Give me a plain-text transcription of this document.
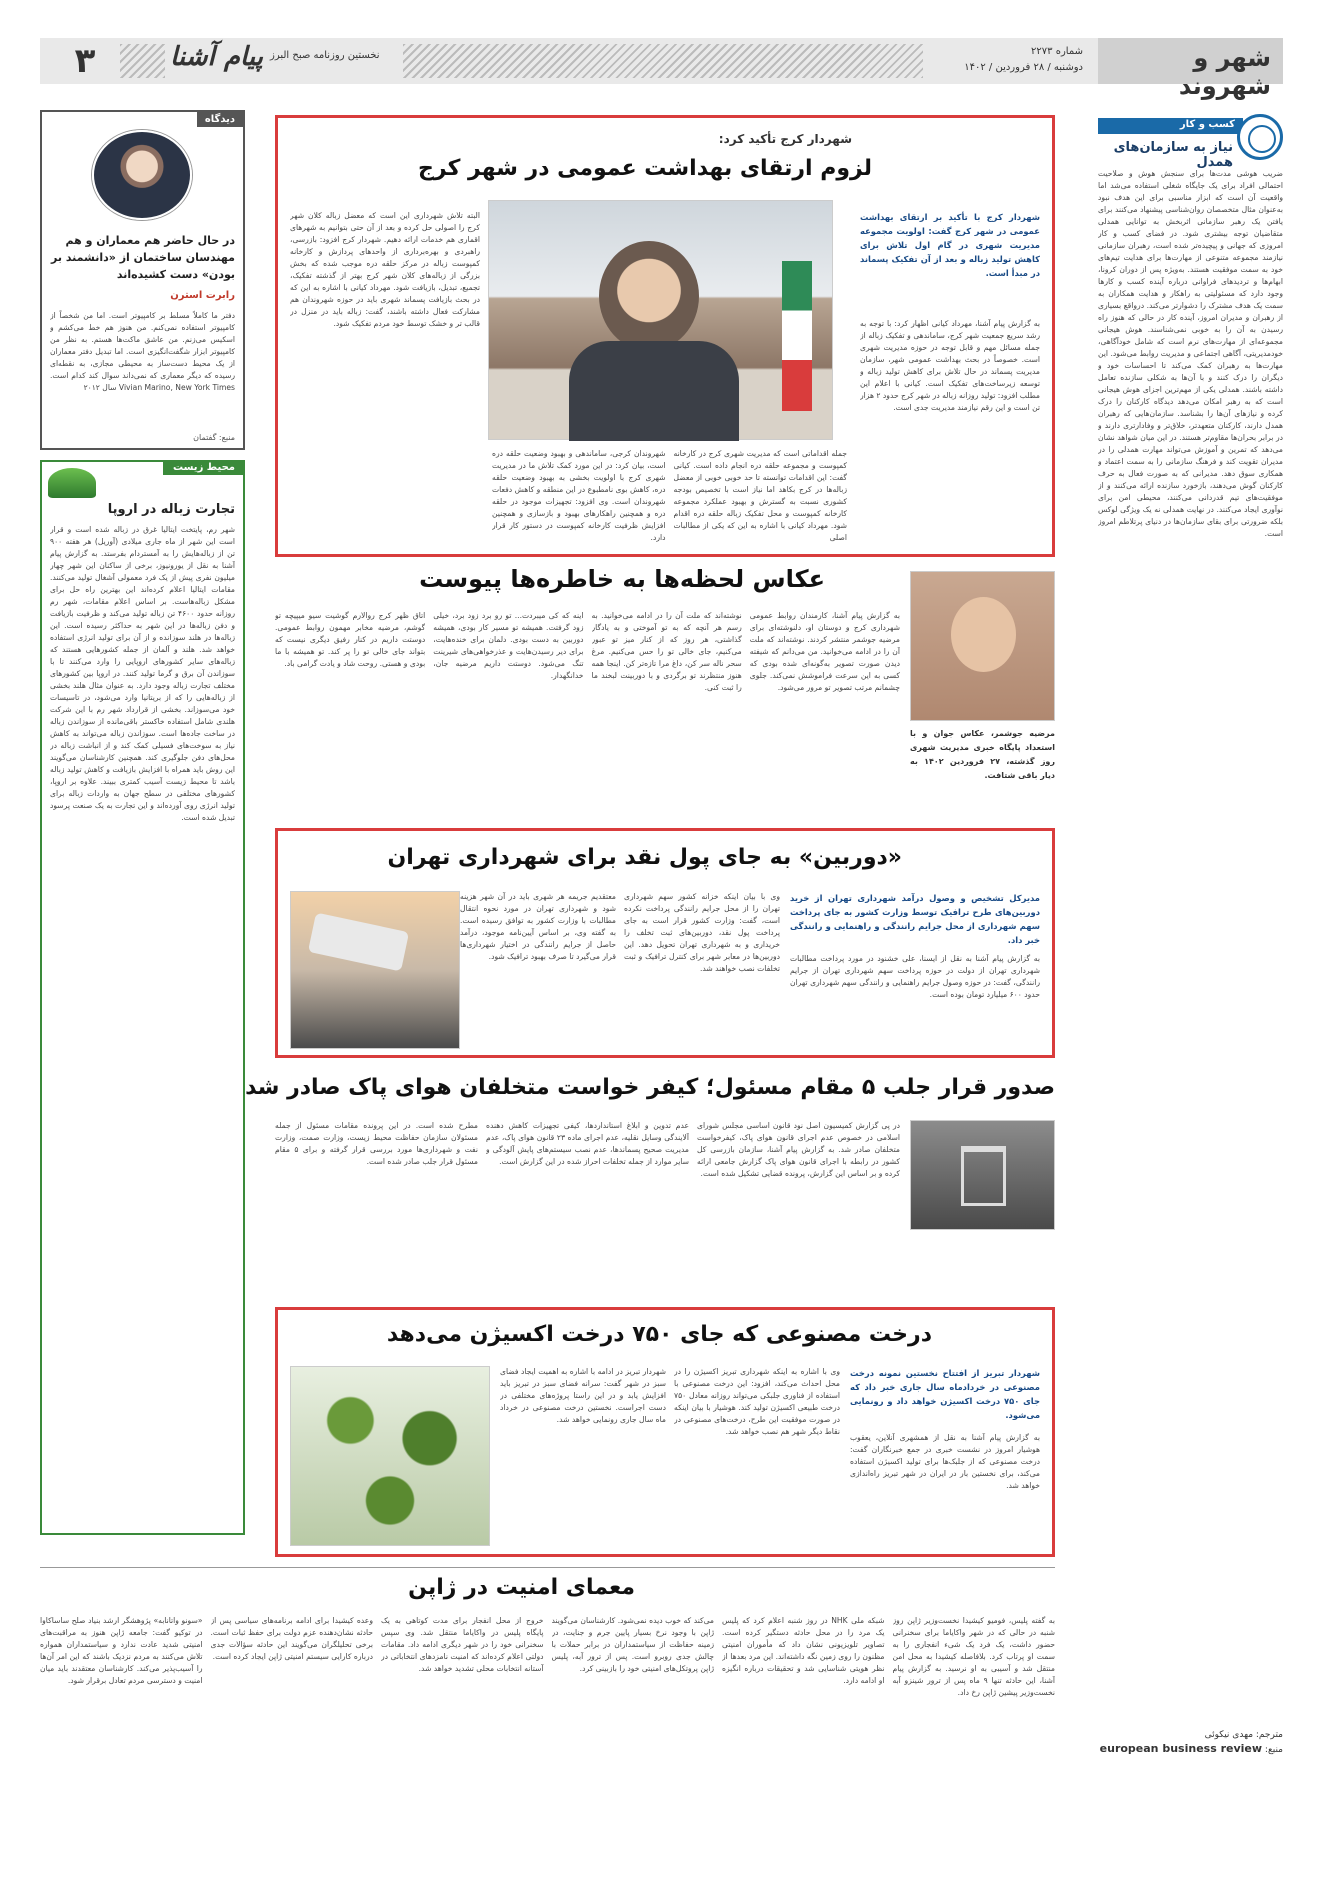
شهر و شهروند
شماره ۲۲۷۳
دوشنبه / ۲۸ فروردین / ۱۴۰۲
نخستین روزنامه صبح البرز
پیام آشنا
۳
کسب و کار
نیاز به سازمان‌های همدل
ضریب هوشی مدت‌ها برای سنجش هوش و صلاحیت احتمالی افراد برای یک جایگاه شغلی استفاده می‌شد اما واقعیت آن است که ابزار مناسبی برای این هدف نبود به‌عنوان مثال متخصصان روان‌شناسی پیشنهاد می‌کنند برای یافتن یک رهبر سازمانی اثربخش به توانایی همدلی متقاضیان توجه بیشتری شود. در فضای کسب و کار امروزی که جهانی و پیچیده‌تر شده است، رهبران سازمانی نیازمند مجموعه متنوعی از مهارت‌ها برای هدایت تیم‌های خود به سمت موفقیت هستند. به‌ویژه پس از دوران کرونا، ابهام‌ها و تردیدهای فراوانی درباره آینده کسب و کارها وجود دارد که مسئولیتی به راهکار و هدایت همکاران به سمت یک هدف مشترک را دشوارتر می‌کند. درواقع بسیاری از رهبران و مدیران امروز، آینده کار در حالی که هنوز راه رسیدن به آن را به خوبی نمی‌شناسند. هوش هیجانی مجموعه‌ای از مهارت‌های نرم است که شامل خودآگاهی، خودمدیریتی، آگاهی اجتماعی و مدیریت روابط می‌شود. این مهارت‌ها به رهبران کمک می‌کند تا احساسات خود و دیگران را درک کنند و با آن‌ها به شکلی سازنده تعامل داشته باشند. همدلی یکی از مهم‌ترین اجزای هوش هیجانی است که به رهبر امکان می‌دهد دیدگاه کارکنان را درک کرده و نیازهای آن‌ها را بشناسد. سازمان‌هایی که رهبران همدل دارند، کارکنان متعهدتر، خلاق‌تر و وفادارتری دارند و در برابر بحران‌ها مقاوم‌تر هستند. در این میان شواهد نشان می‌دهد که تمرین و آموزش می‌تواند مهارت همدلی را در مدیران تقویت کند و فرهنگ سازمانی را به سمت اعتماد و همکاری سوق دهد. مدیرانی که به صورت فعال به حرف کارکنان گوش می‌دهند، بازخورد سازنده ارائه می‌کنند و از موفقیت‌های تیم قدردانی می‌کنند، محیطی امن برای نوآوری ایجاد می‌کنند. در نهایت همدلی نه یک ویژگی لوکس بلکه ضرورتی برای بقای سازمان‌ها در دنیای پرتلاطم امروز است.
مترجم: مهدی نیکوئی
منبع: european business review
دیدگاه
در حال حاضر هم معماران و هم مهندسان ساختمان از «دانشمند بر بودن» دست کشیده‌اند
رابرت استرن
دفتر ما کاملاً مسلط بر کامپیوتر است. اما من شخصاً از کامپیوتر استفاده نمی‌کنم. من هنوز هم خط می‌کشم و اسکیس می‌زنم. من عاشق ماکت‌ها هستم. به نظر من کامپیوتر ابزار شگفت‌انگیزی است. اما تبدیل دفتر معماران از یک محیط دست‌ساز به محیطی مجازی، به نقطه‌ای رسیده که دیگر معماری که نمی‌داند سوال کند کدام است. Vivian Marino, New York Times سال ۲۰۱۲
منبع: گفتمان
محیط زیست
تجارت زباله در اروپا
شهر رم، پایتخت ایتالیا غرق در زباله شده است و قرار است این شهر از ماه جاری میلادی (آوریل) هر هفته ۹۰۰ تن از زباله‌هایش را به آمستردام بفرستد. به گزارش پیام آشنا به نقل از یورونیوز، برخی از ساکنان این شهر چهار میلیون نفری پیش از یک فرد معمولی آشغال تولید می‌کنند. مقامات ایتالیا اعلام کرده‌اند این بهترین راه حل برای مشکل زباله‌هاست. بر اساس اعلام مقامات، شهر رم روزانه حدود ۴۶۰۰ تن زباله تولید می‌کند و ظرفیت بازیافت و دفن زباله‌ها در این شهر به حداکثر رسیده است. این زباله‌ها در هلند سوزانده و از آن برای تولید انرژی استفاده خواهد شد. هلند و آلمان از جمله کشورهایی هستند که زباله‌های سایر کشورهای اروپایی را وارد می‌کنند تا با سوزاندن آن برق و گرما تولید کنند. در اروپا بین کشورهای مختلف تجارت زباله وجود دارد. به عنوان مثال هلند بخشی از زباله‌هایی را که از بریتانیا وارد می‌شود، در تاسیسات خود می‌سوزاند. بخشی از قرارداد شهر رم با این شرکت هلندی شامل استفاده خاکستر باقی‌مانده از سوزاندن زباله در ساخت جاده‌ها است. سوزاندن زباله می‌تواند به کاهش نیاز به سوخت‌های فسیلی کمک کند و از انباشت زباله در محل‌های دفن جلوگیری کند. همچنین کارشناسان می‌گویند این روش باید همراه با افزایش بازیافت و کاهش تولید زباله باشد تا محیط زیست آسیب کمتری ببیند. علاوه بر اروپا، کشورهای مختلفی در سطح جهان به واردات زباله برای تولید انرژی روی آورده‌اند و این تجارت به یک صنعت پرسود تبدیل شده است.
شهردار کرج تأکید کرد:
لزوم ارتقای بهداشت عمومی در شهر کرج
شهردار کرج با تأکید بر ارتقای بهداشت عمومی در شهر کرج گفت: اولویت مجموعه مدیریت شهری در گام اول تلاش برای کاهش تولید زباله و بعد از آن تفکیک پسماند در مبدأ است.
به گزارش پیام آشنا، مهرداد کیانی اظهار کرد: با توجه به رشد سریع جمعیت شهر کرج، ساماندهی و تفکیک زباله از جمله مسائل مهم و قابل توجه در حوزه مدیریت شهری است. خصوصاً در بحث بهداشت عمومی شهر، سازمان مدیریت پسماند در حال تلاش برای کاهش تولید زباله و توسعه زیرساخت‌های تفکیک است. کیانی با اعلام این مطلب افزود: تولید روزانه زباله در شهر کرج حدود ۲ هزار تن است و این رقم نیازمند مدیریت جدی است.
جمله اقداماتی است که مدیریت شهری کرج در کارخانه کمپوست و مجموعه حلقه دره انجام داده است. کیانی گفت: این اقدامات توانسته تا حد خوبی خوبی از معضل زباله‌ها در کرج بکاهد اما نیاز است با تخصیص بودجه کشوری نسبت به گسترش و بهبود عملکرد مجموعه کارخانه کمپوست و محل تفکیک زباله حلقه دره اقدام شود. مهرداد کیانی با اشاره به این که یکی از مطالبات اصلی
شهروندان کرجی، ساماندهی و بهبود وضعیت حلقه دره است، بیان کرد: در این مورد کمک تلاش ما در مدیریت شهری کرج با اولویت بخشی به بهبود وضعیت حلقه دره، کاهش بوی نامطبوع در این منطقه و کاهش دفعات شهروندان است. وی افزود: تجهیزات موجود در حلقه دره و همچنین راهکارهای بهبود و بازسازی و همچنین افزایش ظرفیت کارخانه کمپوست در دستور کار قرار دارد.
البته تلاش شهرداری این است که معضل زباله کلان شهر کرج را اصولی حل کرده و بعد از آن حتی بتوانیم به شهرهای اقماری هم خدمات ارائه دهیم. شهردار کرج افزود: بازرسی، راهبردی و بهره‌برداری از واحدهای پردازش و کارخانه کمپوست زباله در مرکز حلقه دره موجب شده که بخش بزرگی از زباله‌های کلان شهر کرج بهتر از گذشته تفکیک، تجمیع، تبدیل، بازیافت شود. مهرداد کیانی با اشاره به این که در بحث بازیافت پسماند شهری باید در حوزه شهروندان هم مشارکت فعال داشته باشند، گفت: زباله باید در منزل در قالب تر و خشک توسط خود مردم تفکیک شود.
عکاس لحظه‌ها به خاطره‌ها پیوست
مرضیه جوشمر، عکاس جوان و با استعداد پایگاه خبری مدیریت شهری روز گذشته، ۲۷ فروردین ۱۴۰۲ به دیار باقی شتافت.
به گزارش پیام آشنا، کارمندان روابط عمومی شهرداری کرج و دوستان او، دلنوشته‌ای برای مرضیه جوشمر منتشر کردند. نوشته‌اند که ملت آن را در ادامه می‌خوانید. من می‌دانم که شیفته دیدن صورت تصویر به‌گونه‌ای شده بودی که کسی به این سرعت فراموشش نمی‌کند. جلوی چشمانم مرتب تصویر تو مرور می‌شود.
نوشته‌اند که ملت آن را در ادامه می‌خوانید. به رسم هر آنچه که به تو آموختی و به یادگار گذاشتی، هر روز که از کنار میز تو عبور می‌کنیم، جای خالی تو را حس می‌کنیم. مرغ سحر ناله سر کن، داغ مرا تازه‌تر کن. اینجا همه هنوز منتظرند تو برگردی و با دوربینت لبخند ما را ثبت کنی.
اینه که کی میبردت... تو رو برد زود برد، خیلی زود گرفتت. همیشه تو مسیر کار بودی، همیشه دوربین به دست بودی. دلمان برای خنده‌هایت، برای دیر رسیدن‌هایت و عذرخواهی‌های شیرینت تنگ می‌شود. دوستت داریم مرضیه جان، خدانگهدار.
اتاق ظهر کرج روالارم گوشیت سیو میپیچه تو گوشم، مرضیه مخابر مهمون روابط عمومی. دوستت داریم در کنار رفیق دیگری نیست که بتواند جای خالی تو را پر کند. تو همیشه با ما بودی و هستی. روحت شاد و یادت گرامی باد.
«دوربین» به جای پول نقد برای شهرداری تهران
مدیرکل تشخیص و وصول درآمد شهرداری تهران از خرید دوربین‌های طرح ترافیک توسط وزارت کشور به جای پرداخت سهم شهرداری از محل جرایم رانندگی و راهنمایی و رانندگی خبر داد.
به گزارش پیام آشنا به نقل از ایسنا، علی خشنود در مورد پرداخت مطالبات شهرداری تهران از دولت در حوزه پرداخت سهم شهرداری تهران از جرایم رانندگی، گفت: در حوزه وصول جرایم راهنمایی و رانندگی سهم شهرداری تهران حدود ۶۰۰ میلیارد تومان بوده است.
وی با بیان اینکه خزانه کشور سهم شهرداری تهران را از محل جرایم رانندگی پرداخت نکرده است، گفت: وزارت کشور قرار است به جای پرداخت پول نقد، دوربین‌های ثبت تخلف را خریداری و به شهرداری تهران تحویل دهد. این دوربین‌ها در معابر شهر برای کنترل ترافیک و ثبت تخلفات نصب خواهند شد.
معتقدیم جریمه هر شهری باید در آن شهر هزینه شود و شهرداری تهران در مورد نحوه انتقال مطالبات با وزارت کشور به توافق رسیده است. به گفته وی، بر اساس آیین‌نامه موجود، درآمد حاصل از جرایم رانندگی در اختیار شهرداری‌ها قرار می‌گیرد تا صرف بهبود ترافیک شود.
صدور قرار جلب ۵ مقام مسئول؛ کیفر خواست متخلفان هوای پاک صادر شد
در پی گزارش کمیسیون اصل نود قانون اساسی مجلس شورای اسلامی در خصوص عدم اجرای قانون هوای پاک، کیفرخواست متخلفان صادر شد. به گزارش پیام آشنا، سازمان بازرسی کل کشور در رابطه با اجرای قانون هوای پاک گزارش جامعی ارائه کرده و بر اساس این گزارش، پرونده قضایی تشکیل شده است.
عدم تدوین و ابلاغ استانداردها، کیفی تجهیزات کاهش دهنده آلایندگی وسایل نقلیه، عدم اجرای ماده ۲۳ قانون هوای پاک، عدم مدیریت صحیح پسماندها، عدم نصب سیستم‌های پایش آلودگی و سایر موارد از جمله تخلفات احراز شده در این گزارش است.
مطرح شده است. در این پرونده مقامات مسئول از جمله مسئولان سازمان حفاظت محیط زیست، وزارت صمت، وزارت نفت و شهرداری‌ها مورد بررسی قرار گرفته و برای ۵ مقام مسئول قرار جلب صادر شده است.
درخت مصنوعی که جای ۷۵۰ درخت اکسیژن می‌دهد
شهردار تبریز از افتتاح نخستین نمونه درخت مصنوعی در خردادماه سال جاری خبر داد که جای ۷۵۰ درخت اکسیژن خواهد داد و رونمایی می‌شود.
به گزارش پیام آشنا به نقل از همشهری آنلاین، یعقوب هوشیار امروز در نشست خبری در جمع خبرنگاران گفت: درخت مصنوعی که از جلبک‌ها برای تولید اکسیژن استفاده می‌کند، برای نخستین بار در ایران در شهر تبریز راه‌اندازی خواهد شد.
وی با اشاره به اینکه شهرداری تبریز اکسیژن را در محل احداث می‌کند، افزود: این درخت مصنوعی با استفاده از فناوری جلبکی می‌تواند روزانه معادل ۷۵۰ درخت طبیعی اکسیژن تولید کند. هوشیار با بیان اینکه در صورت موفقیت این طرح، درخت‌های مصنوعی در نقاط دیگر شهر هم نصب خواهد شد.
شهردار تبریز در ادامه با اشاره به اهمیت ایجاد فضای سبز در شهر گفت: سرانه فضای سبز در تبریز باید افزایش یابد و در این راستا پروژه‌های مختلفی در دست اجراست. نخستین درخت مصنوعی در خرداد ماه سال جاری رونمایی خواهد شد.
معمای امنیت در ژاپن
به گفته پلیس، فومیو کیشیدا نخست‌وزیر ژاپن روز شنبه در حالی که در شهر واکایاما برای سخنرانی حضور داشت، یک فرد یک شیء انفجاری را به سمت او پرتاب کرد. بلافاصله کیشیدا به محل امن منتقل شد و آسیبی به او نرسید. به گزارش پیام آشنا، این حادثه تنها ۹ ماه پس از ترور شینزو آبه نخست‌وزیر پیشین ژاپن رخ داد.
شبکه ملی NHK در روز شنبه اعلام کرد که پلیس یک مرد را در محل حادثه دستگیر کرده است. تصاویر تلویزیونی نشان داد که مأموران امنیتی مظنون را روی زمین نگه داشته‌اند. این مرد بعدها از نظر هویتی شناسایی شد و تحقیقات درباره انگیزه او ادامه دارد.
می‌کند که خوب دیده نمی‌شود. کارشناسان می‌گویند ژاپن با وجود نرخ بسیار پایین جرم و جنایت، در زمینه حفاظت از سیاستمداران در برابر حملات با چالش جدی روبرو است. پس از ترور آبه، پلیس ژاپن پروتکل‌های امنیتی خود را بازبینی کرد.
خروج از محل انفجار برای مدت کوتاهی به یک پایگاه پلیس در واکایاما منتقل شد. وی سپس سخنرانی خود را در شهر دیگری ادامه داد. مقامات دولتی اعلام کرده‌اند که امنیت نامزدهای انتخاباتی در آستانه انتخابات محلی تشدید خواهد شد.
وعده کیشیدا برای ادامه برنامه‌های سیاسی پس از حادثه نشان‌دهنده عزم دولت برای حفظ ثبات است. برخی تحلیلگران می‌گویند این حادثه سؤالات جدی درباره کارایی سیستم امنیتی ژاپن ایجاد کرده است.
«سونو واتانابه» پژوهشگر ارشد بنیاد صلح ساساکاوا در توکیو گفت: جامعه ژاپن هنوز به مراقبت‌های امنیتی شدید عادت ندارد و سیاستمداران همواره تلاش می‌کنند به مردم نزدیک باشند که این امر آن‌ها را آسیب‌پذیر می‌کند. کارشناسان معتقدند باید میان امنیت و دسترسی مردم تعادل برقرار شود.
